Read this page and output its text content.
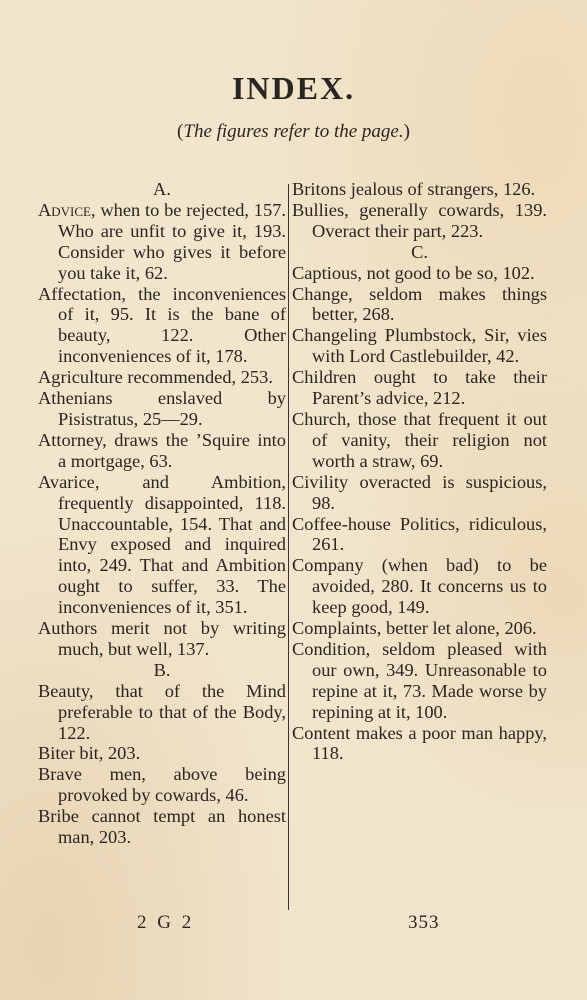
INDEX.
(The figures refer to the page.)
A.
Advice, when to be rejected, 157. Who are unfit to give it, 193. Consider who gives it before you take it, 62.
Affectation, the inconveniences of it, 95. It is the bane of beauty, 122. Other inconveniences of it, 178.
Agriculture recommended, 253.
Athenians enslaved by Pisistratus, 25—29.
Attorney, draws the ’Squire into a mortgage, 63.
Avarice, and Ambition, frequently disappointed, 118. Unaccountable, 154. That and Envy exposed and inquired into, 249. That and Ambition ought to suffer, 33. The inconveniences of it, 351.
Authors merit not by writing much, but well, 137.
B.
Beauty, that of the Mind preferable to that of the Body, 122.
Biter bit, 203.
Brave men, above being provoked by cowards, 46.
Bribe cannot tempt an honest man, 203.
Britons jealous of strangers, 126.
Bullies, generally cowards, 139. Overact their part, 223.
C.
Captious, not good to be so, 102.
Change, seldom makes things better, 268.
Changeling Plumbstock, Sir, vies with Lord Castlebuilder, 42.
Children ought to take their Parent’s advice, 212.
Church, those that frequent it out of vanity, their religion not worth a straw, 69.
Civility overacted is suspicious, 98.
Coffee-house Politics, ridiculous, 261.
Company (when bad) to be avoided, 280. It concerns us to keep good, 149.
Complaints, better let alone, 206.
Condition, seldom pleased with our own, 349. Unreasonable to repine at it, 73. Made worse by repining at it, 100.
Content makes a poor man happy, 118.
2 G 2	353
